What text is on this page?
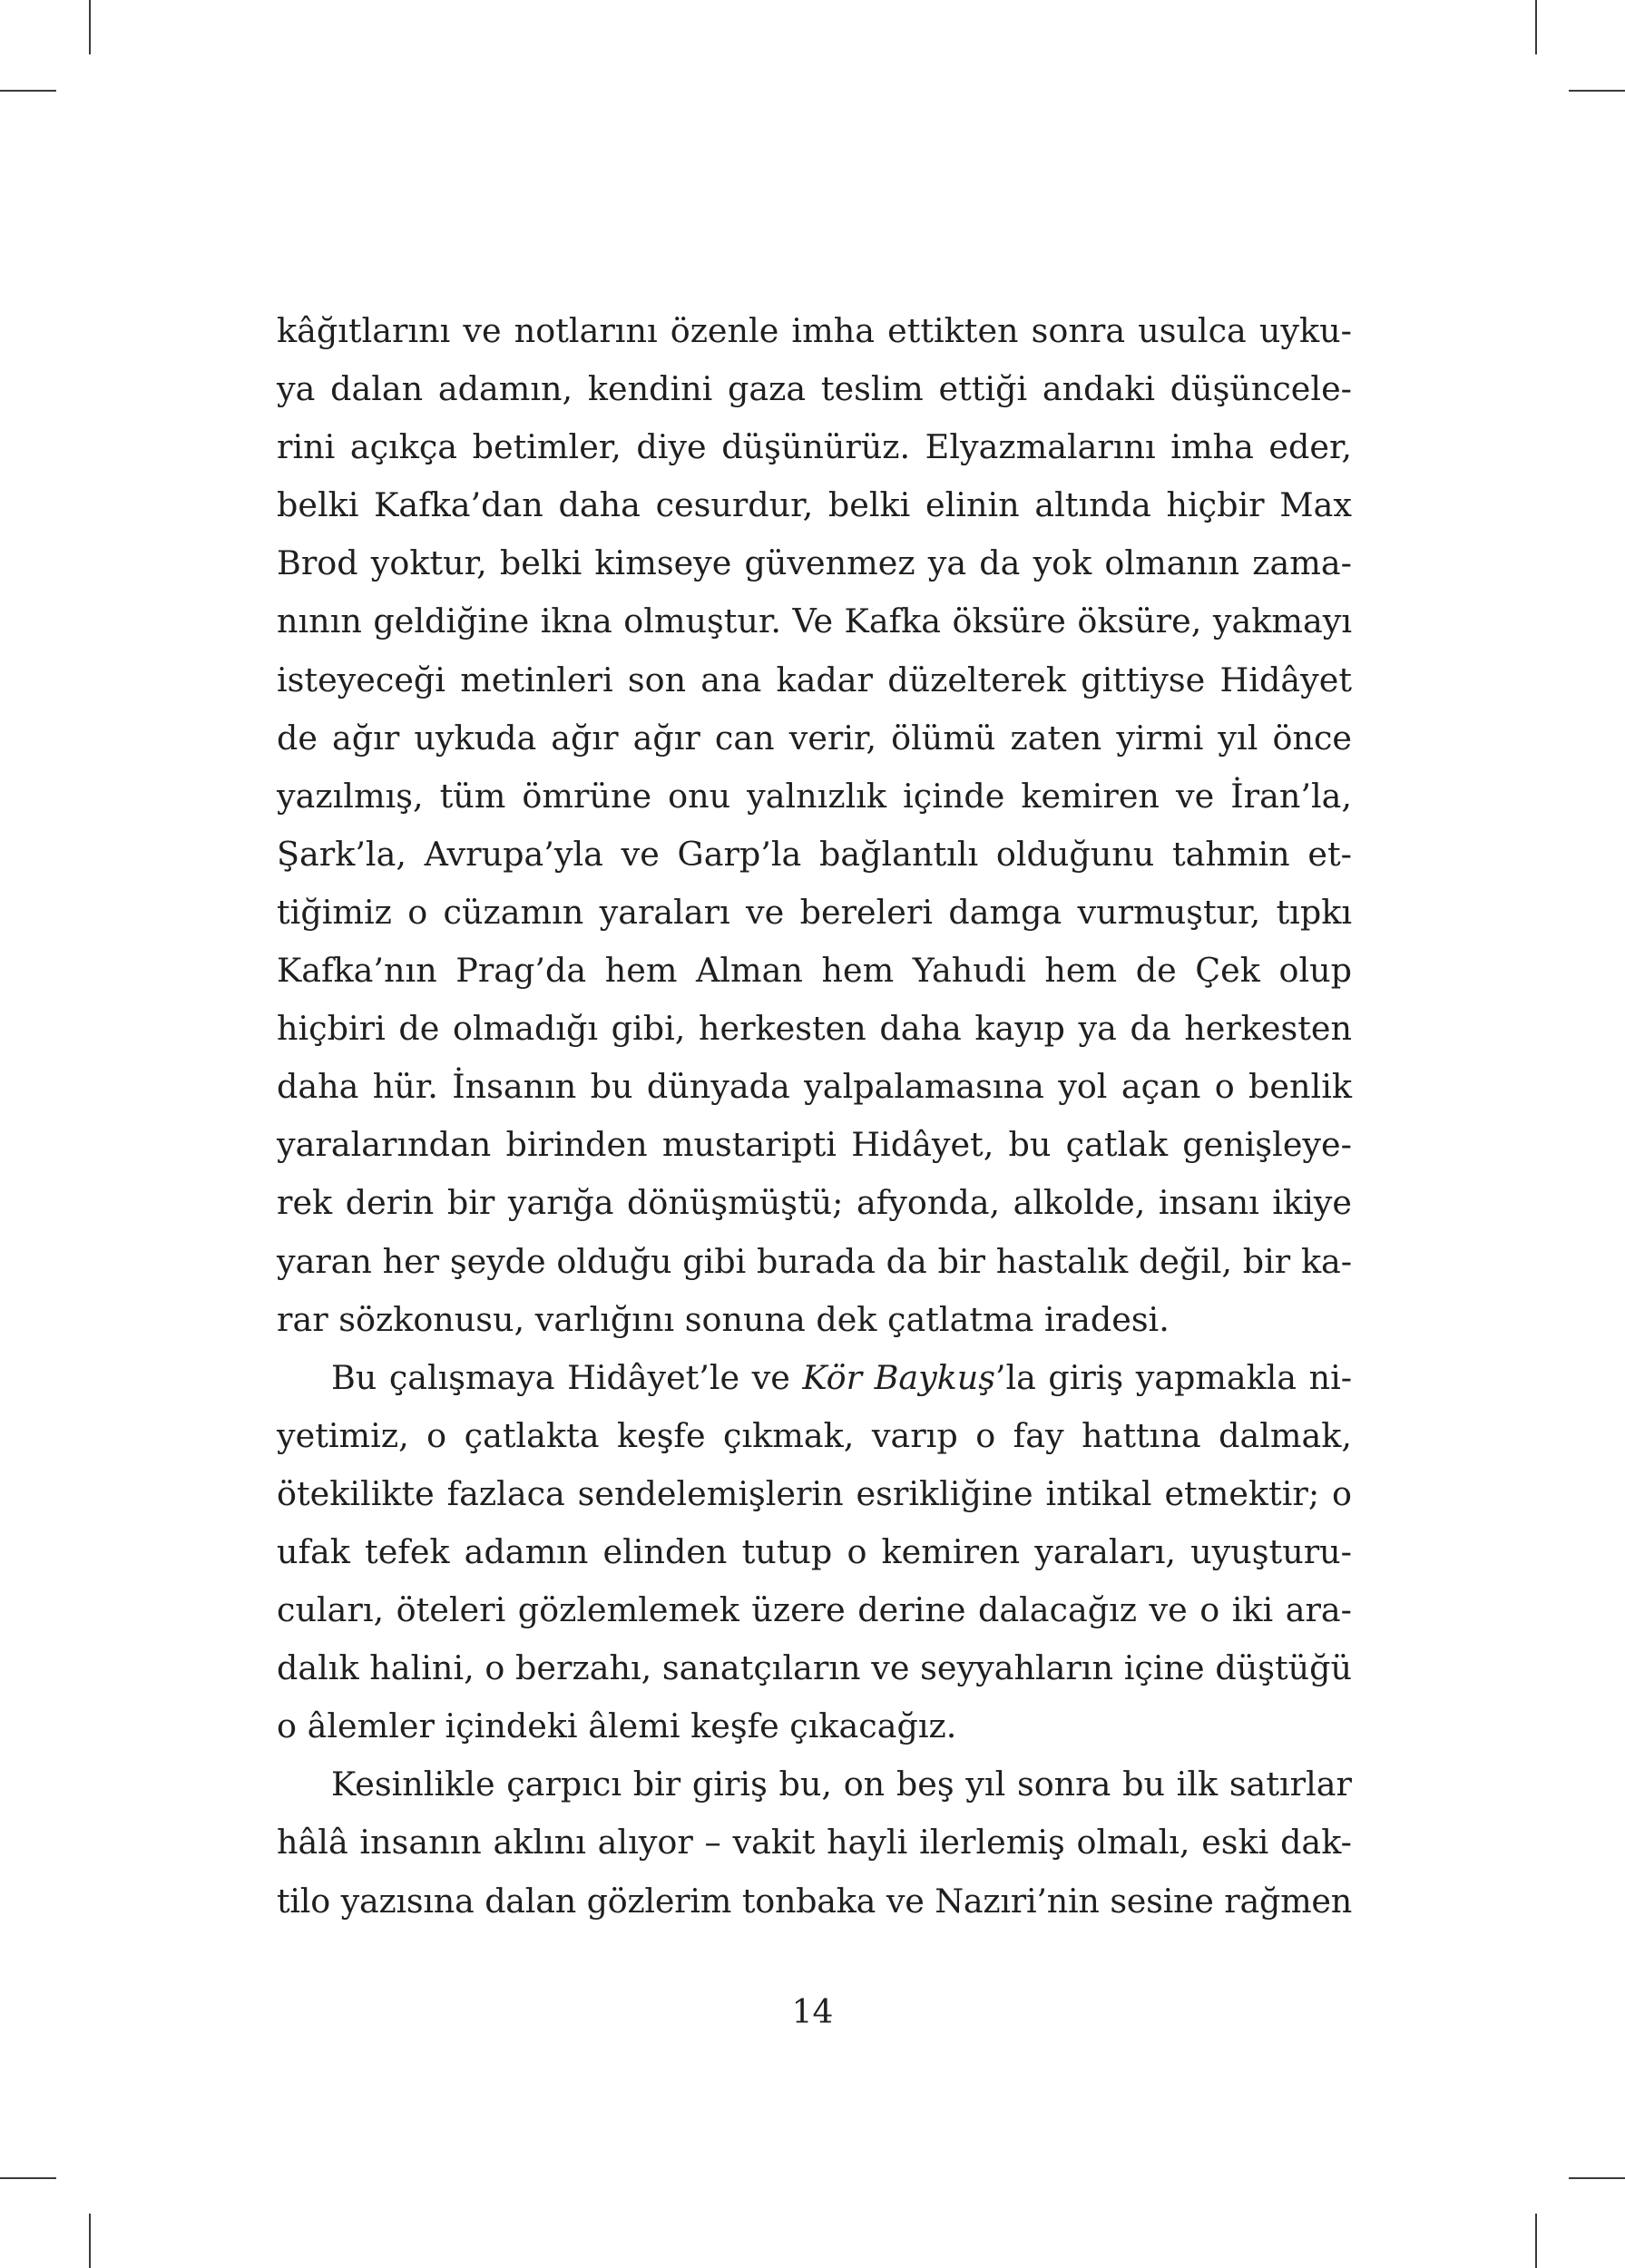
kâğıtlarını ve notlarını özenle imha ettikten sonra usulca uyku-
ya dalan adamın, kendini gaza teslim ettiği andaki düşüncele-
rini açıkça betimler, diye düşünürüz. Elyazmalarını imha eder,
belki Kafka’dan daha cesurdur, belki elinin altında hiçbir Max
Brod yoktur, belki kimseye güvenmez ya da yok olmanın zama-
nının geldiğine ikna olmuştur. Ve Kafka öksüre öksüre, yakmayı
isteyeceği metinleri son ana kadar düzelterek gittiyse Hidâyet
de ağır uykuda ağır ağır can verir, ölümü zaten yirmi yıl önce
yazılmış, tüm ömrüne onu yalnızlık içinde kemiren ve İran’la,
Şark’la, Avrupa’yla ve Garp’la bağlantılı olduğunu tahmin et-
tiğimiz o cüzamın yaraları ve bereleri damga vurmuştur, tıpkı
Kafka’nın Prag’da hem Alman hem Yahudi hem de Çek olup
hiçbiri de olmadığı gibi, herkesten daha kayıp ya da herkesten
daha hür. İnsanın bu dünyada yalpalamasına yol açan o benlik
yaralarından birinden mustaripti Hidâyet, bu çatlak genişleye-
rek derin bir yarığa dönüşmüştü; afyonda, alkolde, insanı ikiye
yaran her şeyde olduğu gibi burada da bir hastalık değil, bir ka-
rar sözkonusu, varlığını sonuna dek çatlatma iradesi.
Bu çalışmaya Hidâyet’le ve Kör Baykuş’la giriş yapmakla ni-
yetimiz, o çatlakta keşfe çıkmak, varıp o fay hattına dalmak,
ötekilikte fazlaca sendelemişlerin esrikliğine intikal etmektir; o
ufak tefek adamın elinden tutup o kemiren yaraları, uyuşturu-
cuları, öteleri gözlemlemek üzere derine dalacağız ve o iki ara-
dalık halini, o berzahı, sanatçıların ve seyyahların içine düştüğü
o âlemler içindeki âlemi keşfe çıkacağız.
Kesinlikle çarpıcı bir giriş bu, on beş yıl sonra bu ilk satırlar
hâlâ insanın aklını alıyor – vakit hayli ilerlemiş olmalı, eski dak-
tilo yazısına dalan gözlerim tonbaka ve Nazıri’nin sesine rağmen
14
